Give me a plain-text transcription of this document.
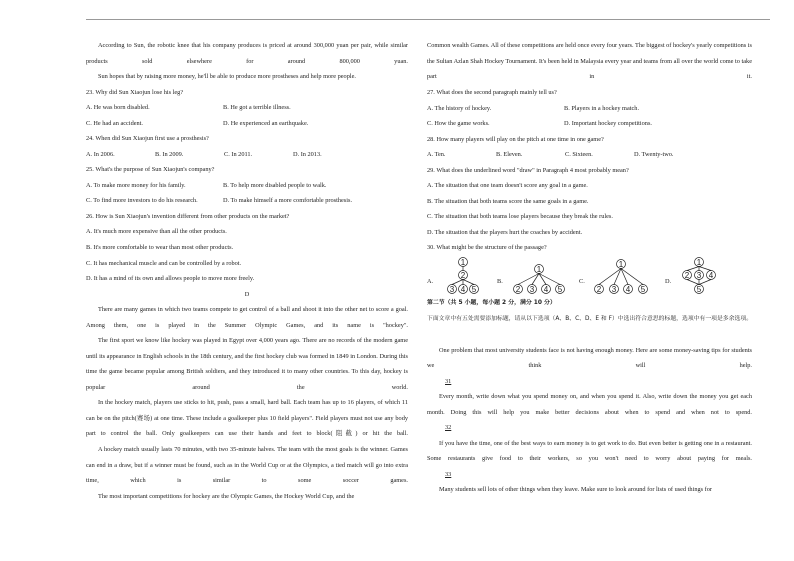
According to Sun, the robotic knee that his company produces is priced at around 300,000 yuan per pair, while similar products sold elsewhere for around 800,000 yuan.

Sun hopes that by raising more money, he'll be able to produce more prostheses and help more people.

23. Why did Sun Xiaojun lose his leg?

A. He was born disabled.	B. He got a terrible illness.
C. He had an accident.	D. He experienced an earthquake.

24. When did Sun Xiaojun first use a prosthesis?

A. In 2006.	B. In 2009.	C. In 2011.	D. In 2013.

25. What's the purpose of Sun Xiaojun's company?

A. To make more money for his family.	B. To help more disabled people to walk.
C. To find more investors to do his research.	D. To make himself a more comfortable prosthesis.

26. How is Sun Xiaojun's invention different from other products on the market?

A. It's much more expensive than all the other products.

B. It's more comfortable to wear than most other products.

C. It has mechanical muscle and can be controlled by a robot.

D. It has a mind of its own and allows people to move more freely.

D

There are many games in which two teams compete to get control of a ball and shoot it into the other net to score a goal. Among them, one is played in the Summer Olympic Games, and its name is "hockey".

The first sport we know like hockey was played in Egypt over 4,000 years ago. There are no records of the modern game until its appearance in English schools in the 18th century, and the first hockey club was formed in 1849 in London. During this time the game became popular among British soldiers, and they introduced it to many other countries. To this day, hockey is popular around the world.

In the hockey match, players use sticks to hit, push, pass a small, hard ball. Each team has up to 16 players, of which 11 can be on the pitch(赛场) at one time. These include a goalkeeper plus 10 field players". Field players must not use any body part to control the ball. Only goalkeepers can use their hands and feet to block(阻截) or hit the ball.

A hockey match usually lasts 70 minutes, with two 35-minute halves. The team with the most goals is the winner. Games can end in a draw, but if a winner must be found, such as in the World Cup or at the Olympics, a tied match will go into extra time, which is similar to some soccer games.

The most important competitions for hockey are the Olympic Games, the Hockey World Cup, and the

Common wealth Games. All of these competitions are held once every four years. The biggest of hockey's yearly competitions is the Sultan Azlan Shah Hockey Tournament. It's been held in Malaysia every year and teams from all over the world come to take part in it.

27. What does the second paragraph mainly tell us?

A. The history of hockey.	B. Players in a hockey match.
C. How the game works.	D. Important hockey competitions.

28. How many players will play on the pitch at one time in one game?

A. Ten.	B. Eleven.	C. Sixteen.	D. Twenty-two.

29. What does the underlined word "draw" in Paragraph 4 most probably mean?

A. The situation that one team doesn't score any goal in a game.

B. The situation that both teams score the same goals in a game.

C. The situation that both teams lose players because they break the rules.

D. The situation that the players hurt the coaches by accident.

30. What might be the structure of the passage?

A.
1
2
3 4 5
B.
1
2 3 4 5
C.
1
2 3 4 5
D.
1
2 3 4
5

第二节（共 5 小题，每小题 2 分，满分 10 分）

下面文章中有五处需要添加标题，请从以下选项（A、B、C、D、E 和 F）中选出符合意思的标题，选项中有一项是多余选项。

One problem that most university students face is not having enough money. Here are some money-saving tips for students we think will help.

31

Every month, write down what you spend money on, and when you spend it. Also, write down the money you get each month. Doing this will help you make better decisions about when to spend and when not to spend.

32

If you have the time, one of the best ways to earn money is to get work to do. But even better is getting one in a restaurant. Some restaurants give food to their workers, so you won't need to worry about paying for meals.

33

Many students sell lots of other things when they leave. Make sure to look around for lists of used things for
